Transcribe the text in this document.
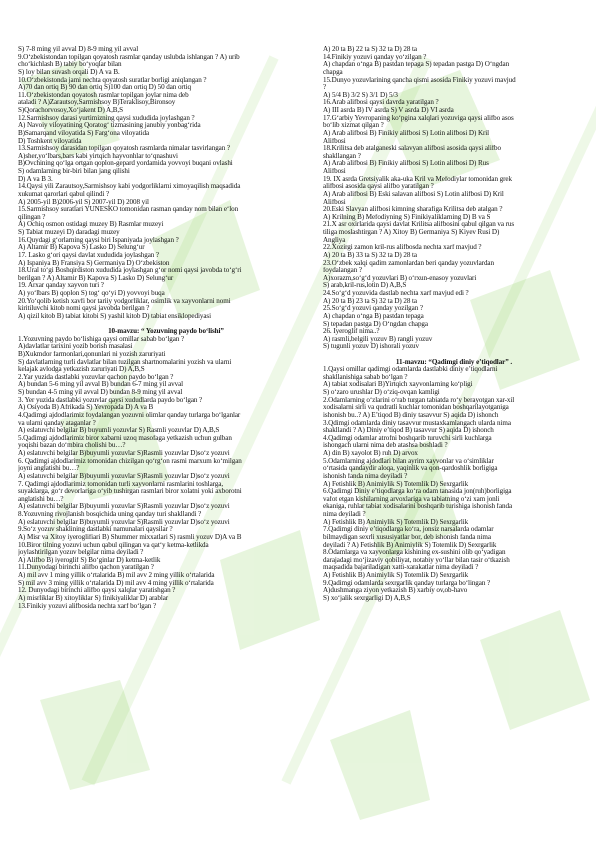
S) 7-8 ming yil avval D) 8-9 ming yil avval
9.O‘zbekistondan topilgan qoyatosh rasmlar qanday uslubda ishlangan ? A) urib
cho‘kichlash B) tabiy bo‘yoqlar bilan
S) loy bilan suvash orqali D) A va B.
10.O‘zbekistonda jami nechta qoyatosh suratlar borligi aniqlangan ?
A)70 dan ortiq B) 90 dan ortiq S)100 dan ortiq D) 50 dan ortiq
11.O‘zbekistondan qoyatosh rasmlar topilgan joylar nima deb
ataladi ? A)Zarautsoy,Sarmishsoy B)Teraklisoy,Bironsoy
S)Qorachorvosoy,Xo‘jakent D) A,B,S
12.Sarmishsoy darasi yurtimizning qaysi xududida joylashgan ?
A) Navoiy viloyatining Qoratog‘ tizmasining janubiy yonbag‘rida
B)Samarqand viloyatida S) Farg‘ona viloyatida
D) Toshkent viloyatida
13.Sarmishsoy darasidan topilgan qoyatosh rasmlarda nimalar tasvirlangan ?
A)sher,yo‘lbars,bars kabi yirtqich hayvonhlar to‘qnashuvi
B)Ovchining qo‘lga ortgan qoplon-gepard yordamida yovvoyi buqani ovlashi
S) odamlarning bir-biri bilan jang qilishi
D) A va B 3.
14.Qaysi yili Zarautsoy,Sarmishsoy kabi yodgorliklarni ximoyaqilish maqsadida
xukumat qarorlari qabul qilindi ?
A) 2005-yil B)2006-yil S) 2007-yil D) 2008 yil
15.Sarmishsoy suratlari YUNESKO tomonidan rasman qanday nom bilan e‘lon
qilingan ?
A) Ochiq osmon ostidagi muzey B) Rasmlar muzeyi
S) Tabiat muzeyi D) daradagi muzey
16.Quydagi g‘orlarning qaysi biri Ispaniyada joylashgan ?
A) Altamir B) Kapova S) Lasko D) Selung‘ur
17. Lasko g‘ori qaysi davlat xududida joylashgan ?
A) Ispaniya B) Fransiya S) Germaniya D) O‘zbekiston
18.Ural to‘gi Boshqirdiston xududida joylashgan g‘or nomi qaysi javobda to‘g‘ri
berilgan ? A) Altamir B) Kapova S) Lasko D) Selung‘ur
19. Arxar qanday xayvon turi ?
A) yo‘lbars B) qoplon S) tog‘ qo‘yi D) yovvoyi buqa
20.Yo‘qolib ketish xavfi bor tariiy yodgorliklar, osimlik va xayvonlarni nomi
kiritiluvchi kitob nomi qaysi javobda berilgan ?
A) qizil kitob B) tabiat kitobi S) yashil kitob D) tabiat ensiklopediyasi
10-mavzu: “ Yozuvning paydo bo‘lishi”
1.Yozuvning paydo bo‘lishiga qaysi omillar sabab bo‘lgan ?
A)davlatlar tarixini yozib borish masalasi
B)Xukmdor farmonlari,qonunlari ni yozish zaruriyati
S) davlatlarning turli davlatlar bilan tuzilgan shartnomalarini yozish va ularni
kelajak avlodga yetkazish zaruriyati D) A,B,S
2.Yar yuzida dastlabki yozuvlar qachon paydo bo‘lgan ?
A) bundan 5-6 ming yil avval B) bundan 6-7 ming yil avval
S) bundan 4-5 ming yil avval D) bundan 8-9 ming yil avval
3. Yer yuzida dastlabki yozuvlar qaysi xududlarda paydo bo‘lgan ?
A) Osiyoda B) Afrikada S) Yevropada D) A va B
4.Qadimgi ajdodlarimiz foydalangan yozuvni olimlar qanday turlarga bo‘lganlar
va ularni qanday ataganlar ?
A) eslatuvchi belgilar B) buyumli yozuvlar S) Rasmli yozuvlar D) A,B,S
5.Qadimgi ajdodlarimiz biror xabarni uzoq masofaga yetkazish uchun gulban
yoqishi bazan do‘mbira cholishi bu…?
A) eslatuvchi belgilar B)buyumli yozuvlar S)Rasmli yozuvlar D)so‘z yozuvi
6. Qadimgi ajdodlarimiz tomonidan chizilgan qo‘rg‘on rasmi marxum ko‘milgan
joyni anglatishi bu…?
A) eslatuvchi belgilar B)buyumli yozuvlar S)Rasmli yozuvlar D)so‘z yozuvi
7. Qadimgi ajdodlarimiz tomonidan turli xayvonlarni rasmlarini toshlarga,
suyaklarga, go‘r devorlariga o‘yib tushirgan rasmlari biror xolatni yoki axborotni
anglatishi bu…?
A) eslatuvchi belgilar B)buyumli yozuvlar S)Rasmli yozuvlar D)so‘z yozuvi
8.Yozuvning rivojlanish bosqichida uning qanday turi shakllandi ?
A) eslatuvchi belgilar B)buyumli yozuvlar S)Rasmli yozuvlar D)so‘z yozuvi
9.So‘z yozuv shaklining dastlabki namunalari qaysilar ?
A) Misr va Xitoy iyeroglifiari B) Shummer mixxatlari S) rasmli yozuv D)A va B
10.Biror tilning yozuvi uchun qabul qilingan va qat‘y ketma-ketlikda
joylashtirilgan yozuv belgilar nima deyiladi ?
A) Alifbo B) iyeroglif S) Bo‘ginlar D) ketma-ketlik
11.Dunyodagi birinchi alifbo qachon yaratilgan ?
A) mil avv 1 ming yillik o‘rtalarida B) mil avv 2 ming yillik o‘rtalarida
S) mil avv 3 ming yillik o‘rtalarida D) mil avv 4 ming yillik o‘rtalarida
12. Dunyodagi birinchi alifbo qaysi xalqlar yaratishgan ?
A) misrliklar B) xitoyliklar S) finikiyaliklar D) arablar
13.Finikiy yozuvi alifbosida nechta xarf bo‘lgan ?
A) 20 ta B) 22 ta S) 32 ta D) 28 ta
14.Finikiy yozuvi qanday yo‘zilgan ?
A) chapdan o‘nga B) pastdan tepaga S) tepadan pastga D) O‘ngdan
chapga
15.Dunyo yozuvlarining qancha qismi asosida Finikiy yozuvi mavjud
?
A) 5/4 B) 3/2 S) 3/1 D) 5/3
16.Arab alifbosi qaysi davrda yaratilgan ?
A) III asrda B) IV asrda S) V asrda D) VI asrda
17.G‘arbiy Yevropaning ko‘pgina xalqlari yozuviga qaysi alifbo asos
bo‘lib xizmat qilgan ?
A) Arab alifbosi B) Finikiy alifbosi S) Lotin alifbosi D) Kril
Alifbosi
18.Krilitsa deb atalganeski salavyan alifbosi asosida qaysi alifbo
shakllangan ?
A) Arab alifbosi B) Finikiy alifbosi S) Lotin alifbosi D) Rus
Alifbosi
19. IX asrda Gretsiyalik aka-uka Kril va Mefodiylar tomonidan grek
alifbosi asosida qaysi alifbo yaratilgan ?
A) Arab alifbosi B) Eski salavan alifbosi S) Lotin alifbosi D) Kril
Alifbosi
20.Eski Slavyan alifbosi kimning sharafiga Krilitsa deb atalgan ?
A) Krilning B) Mefodiyning S) Finikiyaliklarning D) B va S
21.X asr oxirlarida qaysi davlat Krilitsa alifbosini qabul qilgan va rus
tiliga moslashtirgan ? A) Xitoy B) Germaniya S) Kiyev Rusi D)
Angliya
22.Xozirgi zamon kril-rus alifbosda nechta xarf mavjud ?
A) 20 ta B) 33 ta S) 32 ta D) 28 ta
23.O‘zbek xalqi qadim zamonlardan beri qanday yozuvlardan
foydalangan ?
A)xorazm,so‘g‘d yozuvlari B) o‘rxun-enasoy yozuvlari
S) arab,kril-rus,lotin D) A,B,S
24.So‘g‘d yozuvida dastlab nechta xarf mavjud edi ?
A) 20 ta B) 23 ta S) 32 ta D) 28 ta
25.So‘g‘d yozuvi qanday yozilgan ?
A) chapdan o‘nga B) pastdan tepaga
S) tepadan pastga D) O‘ngdan chapga
26. Iyeroglif nima..?
A) rasmli,belgili yozuv B) rangli yozuv
S) tugunli yozuv D) ishorali yozuv
11-mavzu: “Qadimgi diniy e’tiqodlar” .
1.Qaysi omillar qadimgi odamlarda dastlabki diniy e’tiqodlarni
shakllanishiga sabab bo‘lgan ?
A) tabiat xodisalari B)Yirtqich xayvonlarning ko‘pligi
S) o‘zaro urushlar D) o‘ziq-ovqan kamligi
2.Odamlarning o‘zlarini o‘rab turgan tabiatda ro‘y berayotgan xar-xil
xodisalarni sirli va qudratli kuchlar tomonidan boshqarilayotganiga
ishonish bu..? A) E’tiqod B) diniy tasavvur S) aqida D) ishonch
3.Qdimgi odamlarda diniy tasavvur mustaxkamlangach ularda nima
shakllandi ? A) Diniy e’tiqod B) tasavvur S) aqida D) ishonch
4.Qadimgi odamlar atrofni boshqarib turuvchi sirli kuchlarga
ishongach ularni nima deb atashsa boshladi ?
A) din B) xayolot B) ruh D) arvox
5.Odamlarning ajdodlari bilan ayrim xayvonlar va o‘simliklar
o‘rtasida qandaydir aloqa, yaqinlik va qon-qardoshlik borligiga
ishonish fanda nima deyiladi ?
A) Fetishlik B) Animiylik S) Totemlik D) Sexrgarlik
6.Qadimgi Diniy e’tiqodlarga ko‘ra odam tanasida jon(ruh)borligiga
vafot etgan kishilarning arvoxlariga va tabiatning o‘zi xam jonli
ekaniga, ruhlar tabiat xodisalarini boshqarib turishiga ishonish fanda
nima deyiladi ?
A) Fetishlik B) Animiylik S) Totemlik D) Sexrgarlik
7.Qadimgi diniy e’tiqodlarga ko‘ra, jonsiz narsalarda odamlar
bilmaydigan sexrli xususiyatlar bor, deb ishonish fanda nima
deyiladi ? A) Fetishlik B) Animiylik S) Totemlik D) Sexrgarlik
8.Odamlarga va xayvonlarga kishining ex-sushini olib qo‘yadigan
darajadagi mo‘jizaviy qobiliyat, notabiy yo‘llar bilan tasir o‘tkazish
maqsadida bajariladigan xatti-xarakatlar nima deyiladi ?
A) Fetishlik B) Animiylik S) Totemlik D) Sexrgarlik
9.Qadimgi odamlarda sexrgarlik qanday turlarga bo‘lingan ?
A)dushmanga ziyon yetkazish B) xarbiy ov,ob-havo
S) xo‘jalik sexrgarligi D) A,B,S
